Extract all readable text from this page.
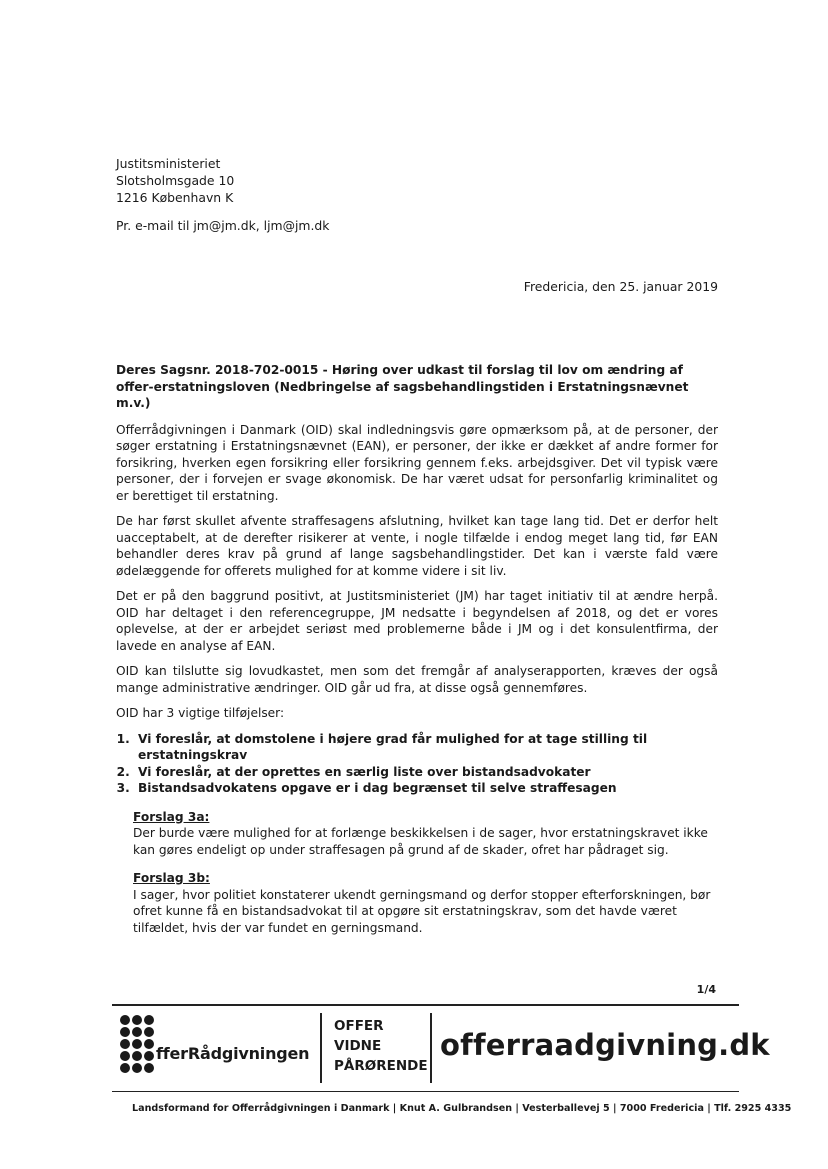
Justitsministeriet
Slotsholmsgade 10
1216 København K
Pr. e-mail til jm@jm.dk, ljm@jm.dk
Fredericia, den 25. januar 2019

Deres Sagsnr. 2018-702-0015 - Høring over udkast til forslag til lov om ændring af offer-erstatningsloven (Nedbringelse af sagsbehandlingstiden i Erstatningsnævnet m.v.)

Offerrådgivningen i Danmark (OID) skal indledningsvis gøre opmærksom på, at de personer, der søger erstatning i Erstatningsnævnet (EAN), er personer, der ikke er dækket af andre former for forsikring, hverken egen forsikring eller forsikring gennem f.eks. arbejdsgiver. Det vil typisk være personer, der i forvejen er svage økonomisk. De har været udsat for personfarlig kriminalitet og er berettiget til erstatning.

De har først skullet afvente straffesagens afslutning, hvilket kan tage lang tid. Det er derfor helt uacceptabelt, at de derefter risikerer at vente, i nogle tilfælde i endog meget lang tid, før EAN behandler deres krav på grund af lange sagsbehandlingstider. Det kan i værste fald være ødelæggende for offerets mulighed for at komme videre i sit liv.

Det er på den baggrund positivt, at Justitsministeriet (JM) har taget initiativ til at ændre herpå. OID har deltaget i den referencegruppe, JM nedsatte i begyndelsen af 2018, og det er vores oplevelse, at der er arbejdet seriøst med problemerne både i JM og i det konsulentfirma, der lavede en analyse af EAN.

OID kan tilslutte sig lovudkastet, men som det fremgår af analyserapporten, kræves der også mange administrative ændringer. OID går ud fra, at disse også gennemføres.

OID har 3 vigtige tilføjelser:

1. Vi foreslår, at domstolene i højere grad får mulighed for at tage stilling til erstatningskrav
2. Vi foreslår, at der oprettes en særlig liste over bistandsadvokater
3. Bistandsadvokatens opgave er i dag begrænset til selve straffesagen
Forslag 3a:

Der burde være mulighed for at forlænge beskikkelsen i de sager, hvor erstatningskravet ikke kan gøres endeligt op under straffesagen på grund af de skader, ofret har pådraget sig.

Forslag 3b:

I sager, hvor politiet konstaterer ukendt gerningsmand og derfor stopper efterforskningen, bør ofret kunne få en bistandsadvokat til at opgøre sit erstatningskrav, som det havde været tilfældet, hvis der var fundet en gerningsmand.

1/4
fferRådgivningen
OFFER
VIDNE
PÅRØRENDE
offerraadgivning.dk
Landsformand for Offerrådgivningen i Danmark | Knut A. Gulbrandsen | Vesterballevej 5 | 7000 Fredericia | Tlf. 2925 4335
